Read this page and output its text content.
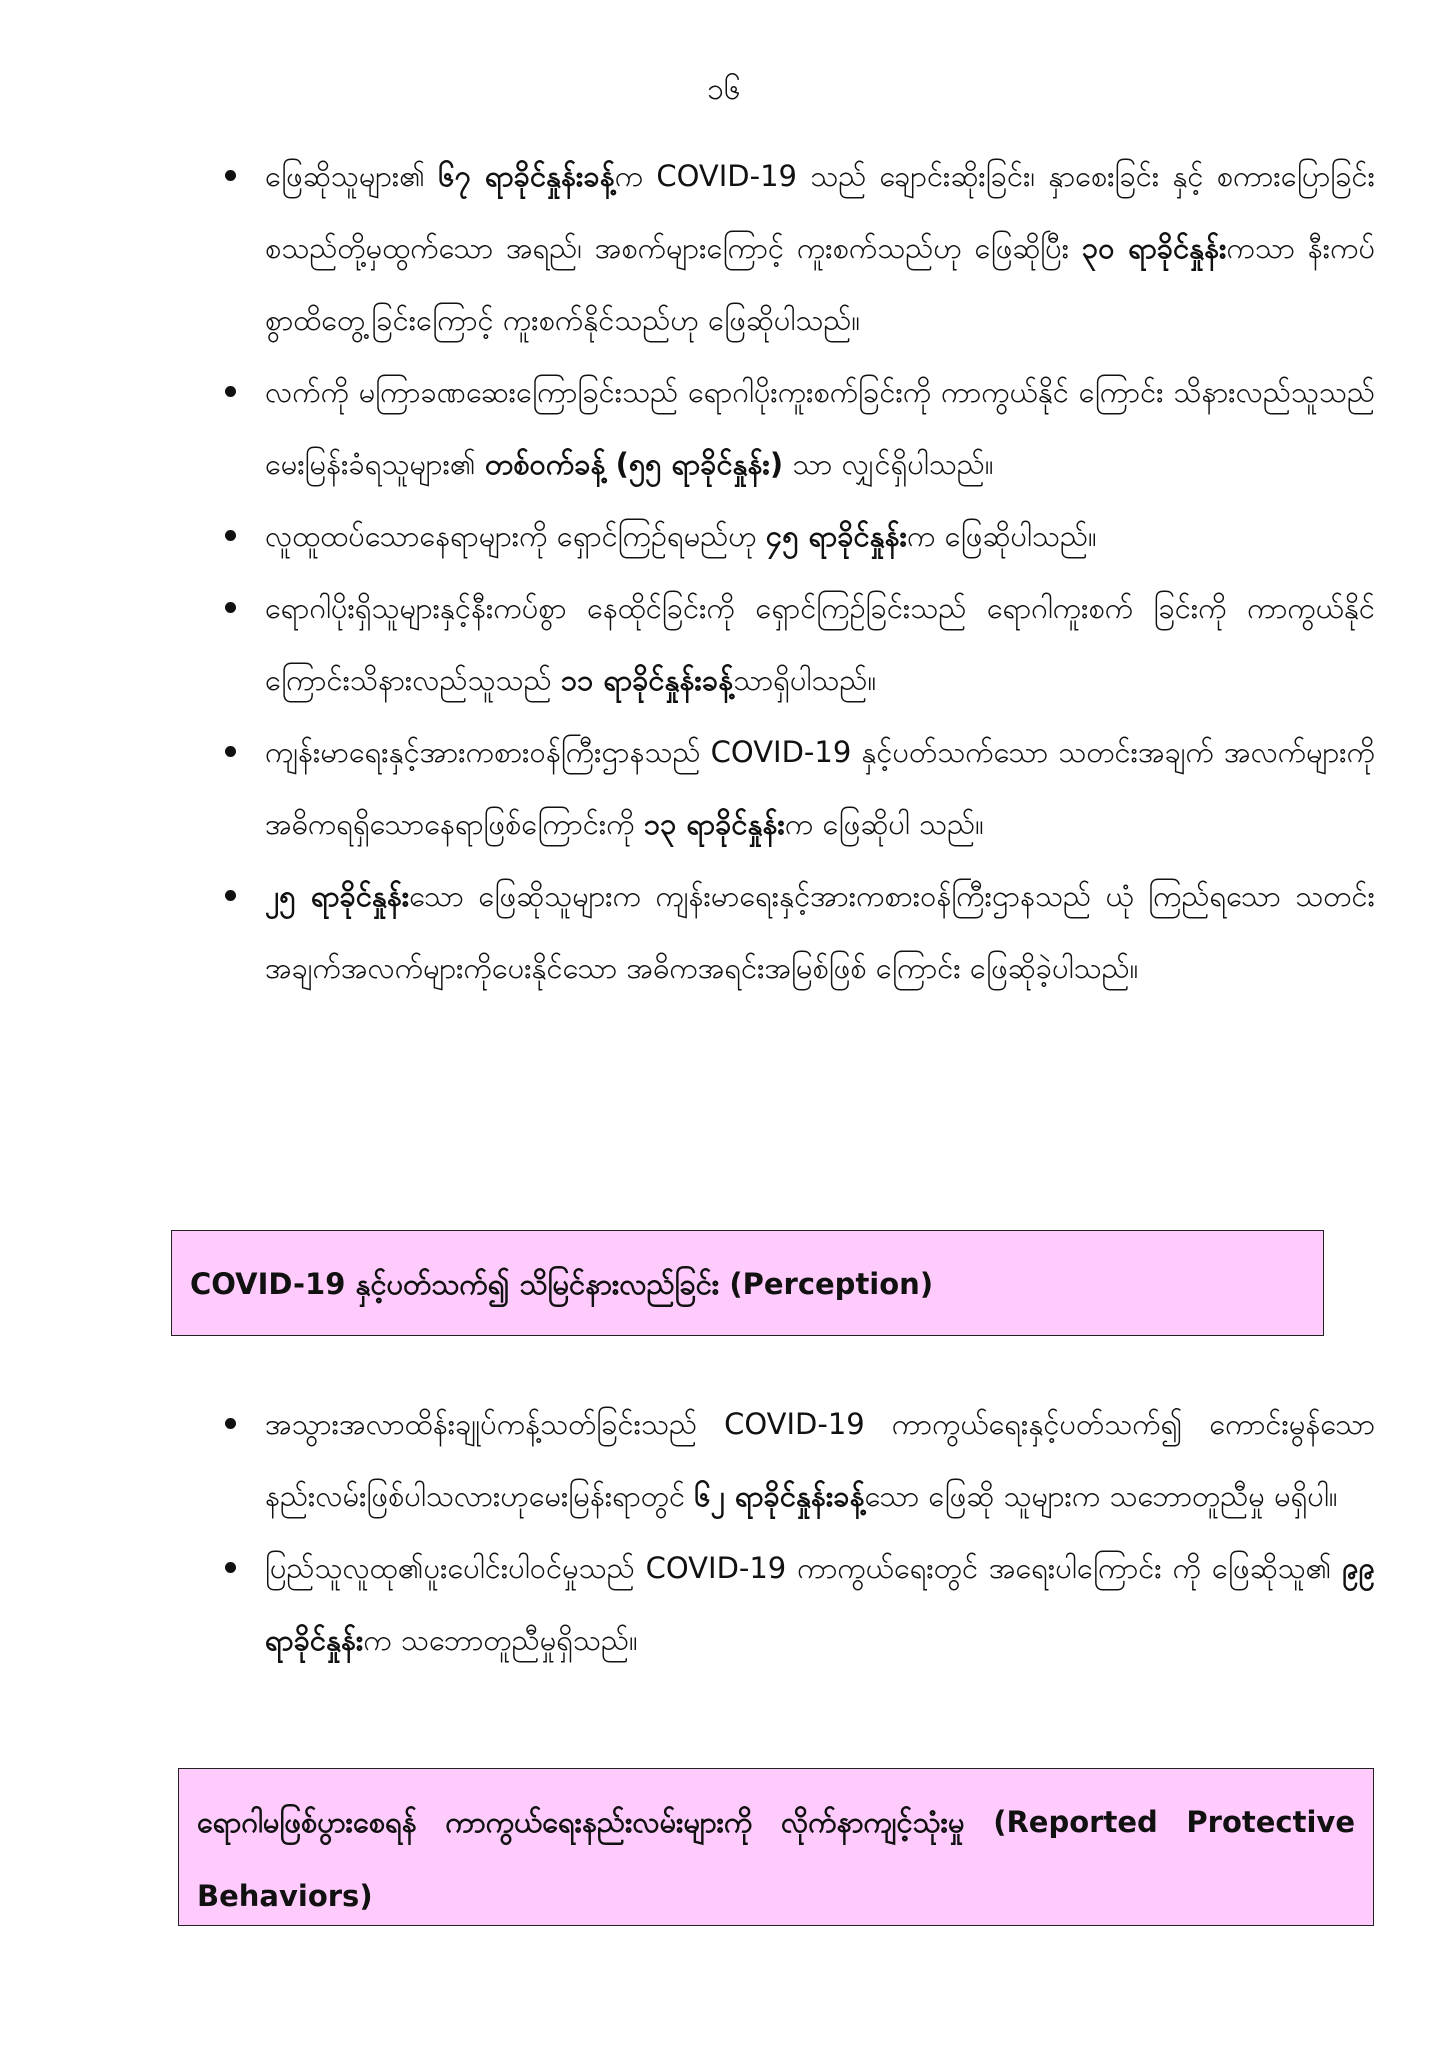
၁၆
ဖြေဆိုသူများ၏ ၆၇ ရာခိုင်နှုန်းခန့်က COVID-19 သည် ချောင်းဆိုးခြင်း၊ နှာစေးခြင်း နှင့် စကားပြောခြင်းစသည်တို့မှထွက်သော အရည်၊ အစက်များကြောင့် ကူးစက်သည်ဟု ဖြေဆိုပြီး ၃၀ ရာခိုင်နှုန်းကသာ နီးကပ်စွာထိတွေ့ခြင်းကြောင့် ကူးစက်နိုင်သည်ဟု ဖြေဆိုပါသည်။
လက်ကို မကြာခဏဆေးကြောခြင်းသည် ရောဂါပိုးကူးစက်ခြင်းကို ကာကွယ်နိုင် ကြောင်း သိနားလည်သူသည် မေးမြန်းခံရသူများ၏ တစ်ဝက်ခန့် (၅၅ ရာခိုင်နှုန်း) သာ လျှင်ရှိပါသည်။
လူထူထပ်သောနေရာများကို ရှောင်ကြဉ်ရမည်ဟု ၄၅ ရာခိုင်နှုန်းက ဖြေဆိုပါသည်။
ရောဂါပိုးရှိသူများနှင့်နီးကပ်စွာ နေထိုင်ခြင်းကို ရှောင်ကြဉ်ခြင်းသည် ရောဂါကူးစက် ခြင်းကို ကာကွယ်နိုင်ကြောင်းသိနားလည်သူသည် ၁၁ ရာခိုင်နှုန်းခန့်သာရှိပါသည်။
ကျန်းမာရေးနှင့်အားကစားဝန်ကြီးဌာနသည် COVID-19 နှင့်ပတ်သက်သော သတင်းအချက် အလက်များကို အဓိကရရှိသောနေရာဖြစ်ကြောင်းကို ၁၃ ရာခိုင်နှုန်းက ဖြေဆိုပါ သည်။
၂၅ ရာခိုင်နှုန်းသော ဖြေဆိုသူများက ကျန်းမာရေးနှင့်အားကစားဝန်ကြီးဌာနသည် ယုံ ကြည်ရသော သတင်းအချက်အလက်များကိုပေးနိုင်သော အဓိကအရင်းအမြစ်ဖြစ် ကြောင်း ဖြေဆိုခဲ့ပါသည်။
COVID-19 နှင့်ပတ်သက်၍ သိမြင်နားလည်ခြင်း (Perception)
အသွားအလာထိန်းချုပ်ကန့်သတ်ခြင်းသည် COVID-19 ကာကွယ်ရေးနှင့်ပတ်သက်၍ ကောင်းမွန်သော နည်းလမ်းဖြစ်ပါသလားဟုမေးမြန်းရာတွင် ၆၂ ရာခိုင်နှုန်းခန့်သော ဖြေဆို သူများက သဘောတူညီမှု မရှိပါ။
ပြည်သူလူထု၏ပူးပေါင်းပါဝင်မှုသည် COVID-19 ကာကွယ်ရေးတွင် အရေးပါကြောင်း ကို ဖြေဆိုသူ၏ ၉၉ ရာခိုင်နှုန်းက သဘောတူညီမှုရှိသည်။
ရောဂါမဖြစ်ပွားစေရန် ကာကွယ်ရေးနည်းလမ်းများကို လိုက်နာကျင့်သုံးမှု (Reported Protective Behaviors)
